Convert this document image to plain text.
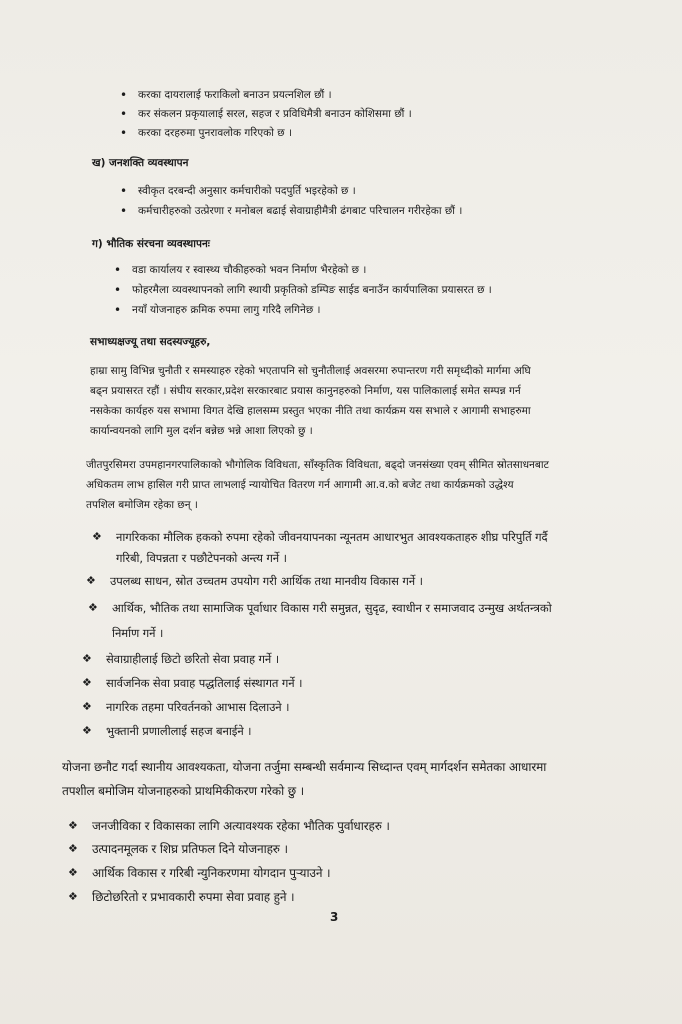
• करका दायरालाई फराकिलो बनाउन प्रयत्नशिल छौं ।
• कर संकलन प्रकृयालाई सरल, सहज र प्रविधिमैत्री बनाउन कोशिसमा छौं ।
• करका दरहरुमा पुनरावलोक गरिएको छ ।
ख) जनशक्ति व्यवस्थापन
• स्वीकृत दरबन्दी अनुसार कर्मचारीको पदपुर्ति भइरहेको छ ।
• कर्मचारीहरुको उत्प्रेरणा र मनोबल बढाई सेवाग्राहीमैत्री ढंगबाट परिचालन गरीरहेका छौं ।
ग) भौतिक संरचना व्यवस्थापनः
• वडा कार्यालय र स्वास्थ्य चौकीहरुको भवन निर्माण भैरहेको छ ।
• फोहरमैला व्यवस्थापनको लागि स्थायी प्रकृतिको डम्पिङ साईड बनाउँन कार्यपालिका प्रयासरत छ ।
• नयाँ योजनाहरु क्रमिक रुपमा लागु गरिदै लगिनेछ ।
सभाध्यक्षज्यू तथा सदस्यज्यूहरु,
हाम्रा सामु विभिन्न चुनौती र समस्याहरु रहेको भएतापनि सो चुनौतीलाई अवसरमा रुपान्तरण गरी समृध्दीको मार्गमा अघि
बढ्न प्रयासरत रहौं । संघीय सरकार,प्रदेश सरकारबाट प्रयास कानुनहरुको निर्माण, यस पालिकालाई समेत सम्पन्न गर्न
नसकेका कार्यहरु यस सभामा विगत देखि हालसम्म प्रस्तुत भएका नीति तथा कार्यक्रम यस सभाले र आगामी सभाहरुमा
कार्यान्वयनको लागि मुल दर्शन बन्नेछ भन्ने आशा लिएको छु ।
जीतपुरसिमरा उपमहानगरपालिकाको भौगोलिक विविधता, साँस्कृतिक विविधता, बढ्दो जनसंख्या एवम् सीमित स्रोतसाधनबाट
अधिकतम लाभ हासिल गरी प्राप्त लाभलाई न्यायोचित वितरण गर्न आगामी आ.व.को बजेट तथा कार्यक्रमको उद्धेश्य
तपशिल बमोजिम रहेका छन् ।
❖ नागरिकका मौलिक हकको रुपमा रहेको जीवनयापनका न्यूनतम आधारभुत आवश्यकताहरु शीघ्र परिपुर्ति गर्दै
गरिबी, विपन्नता र पछौटेपनको अन्त्य गर्ने ।
❖ उपलब्ध साधन, स्रोत उच्चतम उपयोग गरी आर्थिक तथा मानवीय विकास गर्ने ।
❖ आर्थिक, भौतिक तथा सामाजिक पूर्वाधार विकास गरी समुन्नत, सुदृढ, स्वाधीन र समाजवाद उन्मुख अर्थतन्त्रको
निर्माण गर्ने ।
❖ सेवाग्राहीलाई छिटो छरितो सेवा प्रवाह गर्ने ।
❖ सार्वजनिक सेवा प्रवाह पद्धतिलाई संस्थागत गर्ने ।
❖ नागरिक तहमा परिवर्तनको आभास दिलाउने ।
❖ भुक्तानी प्रणालीलाई सहज बनाईने ।
योजना छनौट गर्दा स्थानीय आवश्यकता, योजना तर्जुमा सम्बन्धी सर्वमान्य सिध्दान्त एवम् मार्गदर्शन समेतका आधारमा
तपशील बमोजिम योजनाहरुको प्राथमिकीकरण गरेको छु ।
❖ जनजीविका र विकासका लागि अत्यावश्यक रहेका भौतिक पुर्वाधारहरु ।
❖ उत्पादनमूलक र शिघ्र प्रतिफल दिने योजनाहरु ।
❖ आर्थिक विकास र गरिबी न्युनिकरणमा योगदान पुर्‍याउने ।
❖ छिटोछरितो र प्रभावकारी रुपमा सेवा प्रवाह हुने ।
3
